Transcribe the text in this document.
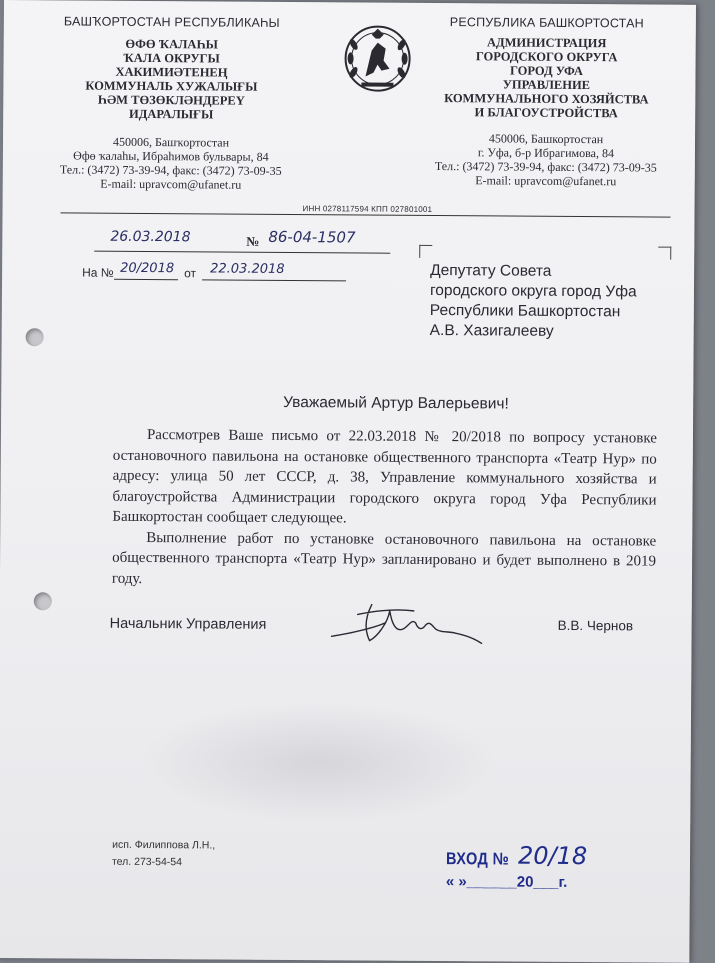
БАШҠОРТОСТАН РЕСПУБЛИКАҺЫ
ӨФӨ ҠАЛАҺЫ
ҠАЛА ОКРУГЫ
ХАКИМИӘТЕНЕҢ
КОММУНАЛЬ ХУЖАЛЫҒЫ
ҺӘМ ТӨЗӨКЛӘНДЕРЕҮ
ИДАРАЛЫҒЫ
450006, Башҡортостан
Өфө ҡалаһы, Ибраһимов бульвары, 84
Тел.: (3472) 73-39-94, факс: (3472) 73-09-35
E-mail: upravcom@ufanet.ru
РЕСПУБЛИКА БАШКОРТОСТАН
АДМИНИСТРАЦИЯ
ГОРОДСКОГО ОКРУГА
ГОРОД УФА
УПРАВЛЕНИЕ
КОММУНАЛЬНОГО ХОЗЯЙСТВА
И БЛАГОУСТРОЙСТВА
450006, Башкортостан
г. Уфа, б-р Ибрагимова, 84
Тел.: (3472) 73-39-94, факс: (3472) 73-09-35
E-mail: upravcom@ufanet.ru
ИНН 0278117594 КПП 027801001
26.03.2018	№ 86-04-1507
На № 20/2018 от 22.03.2018	Депутату Совета
городского округа город Уфа
Республики Башкортостан
А.В. Хазигалееву
Уважаемый Артур Валерьевич!

Рассмотрев Ваше письмо от 22.03.2018 № 20/2018 по вопросу установке остановочного павильона на остановке общественного транспорта «Театр Нур» по адресу: улица 50 лет СССР, д. 38, Управление коммунального хозяйства и благоустройства Администрации городского округа город Уфа Республики Башкортостан сообщает следующее.

Выполнение работ по установке остановочного павильона на остановке общественного транспорта «Театр Нур» запланировано и будет выполнено в 2019 году.

Начальник Управления	В.В. Чернов
исп. Филиппова Л.Н.,
тел. 273-54-54	ВХОД №
« »______20___г.
20/18
